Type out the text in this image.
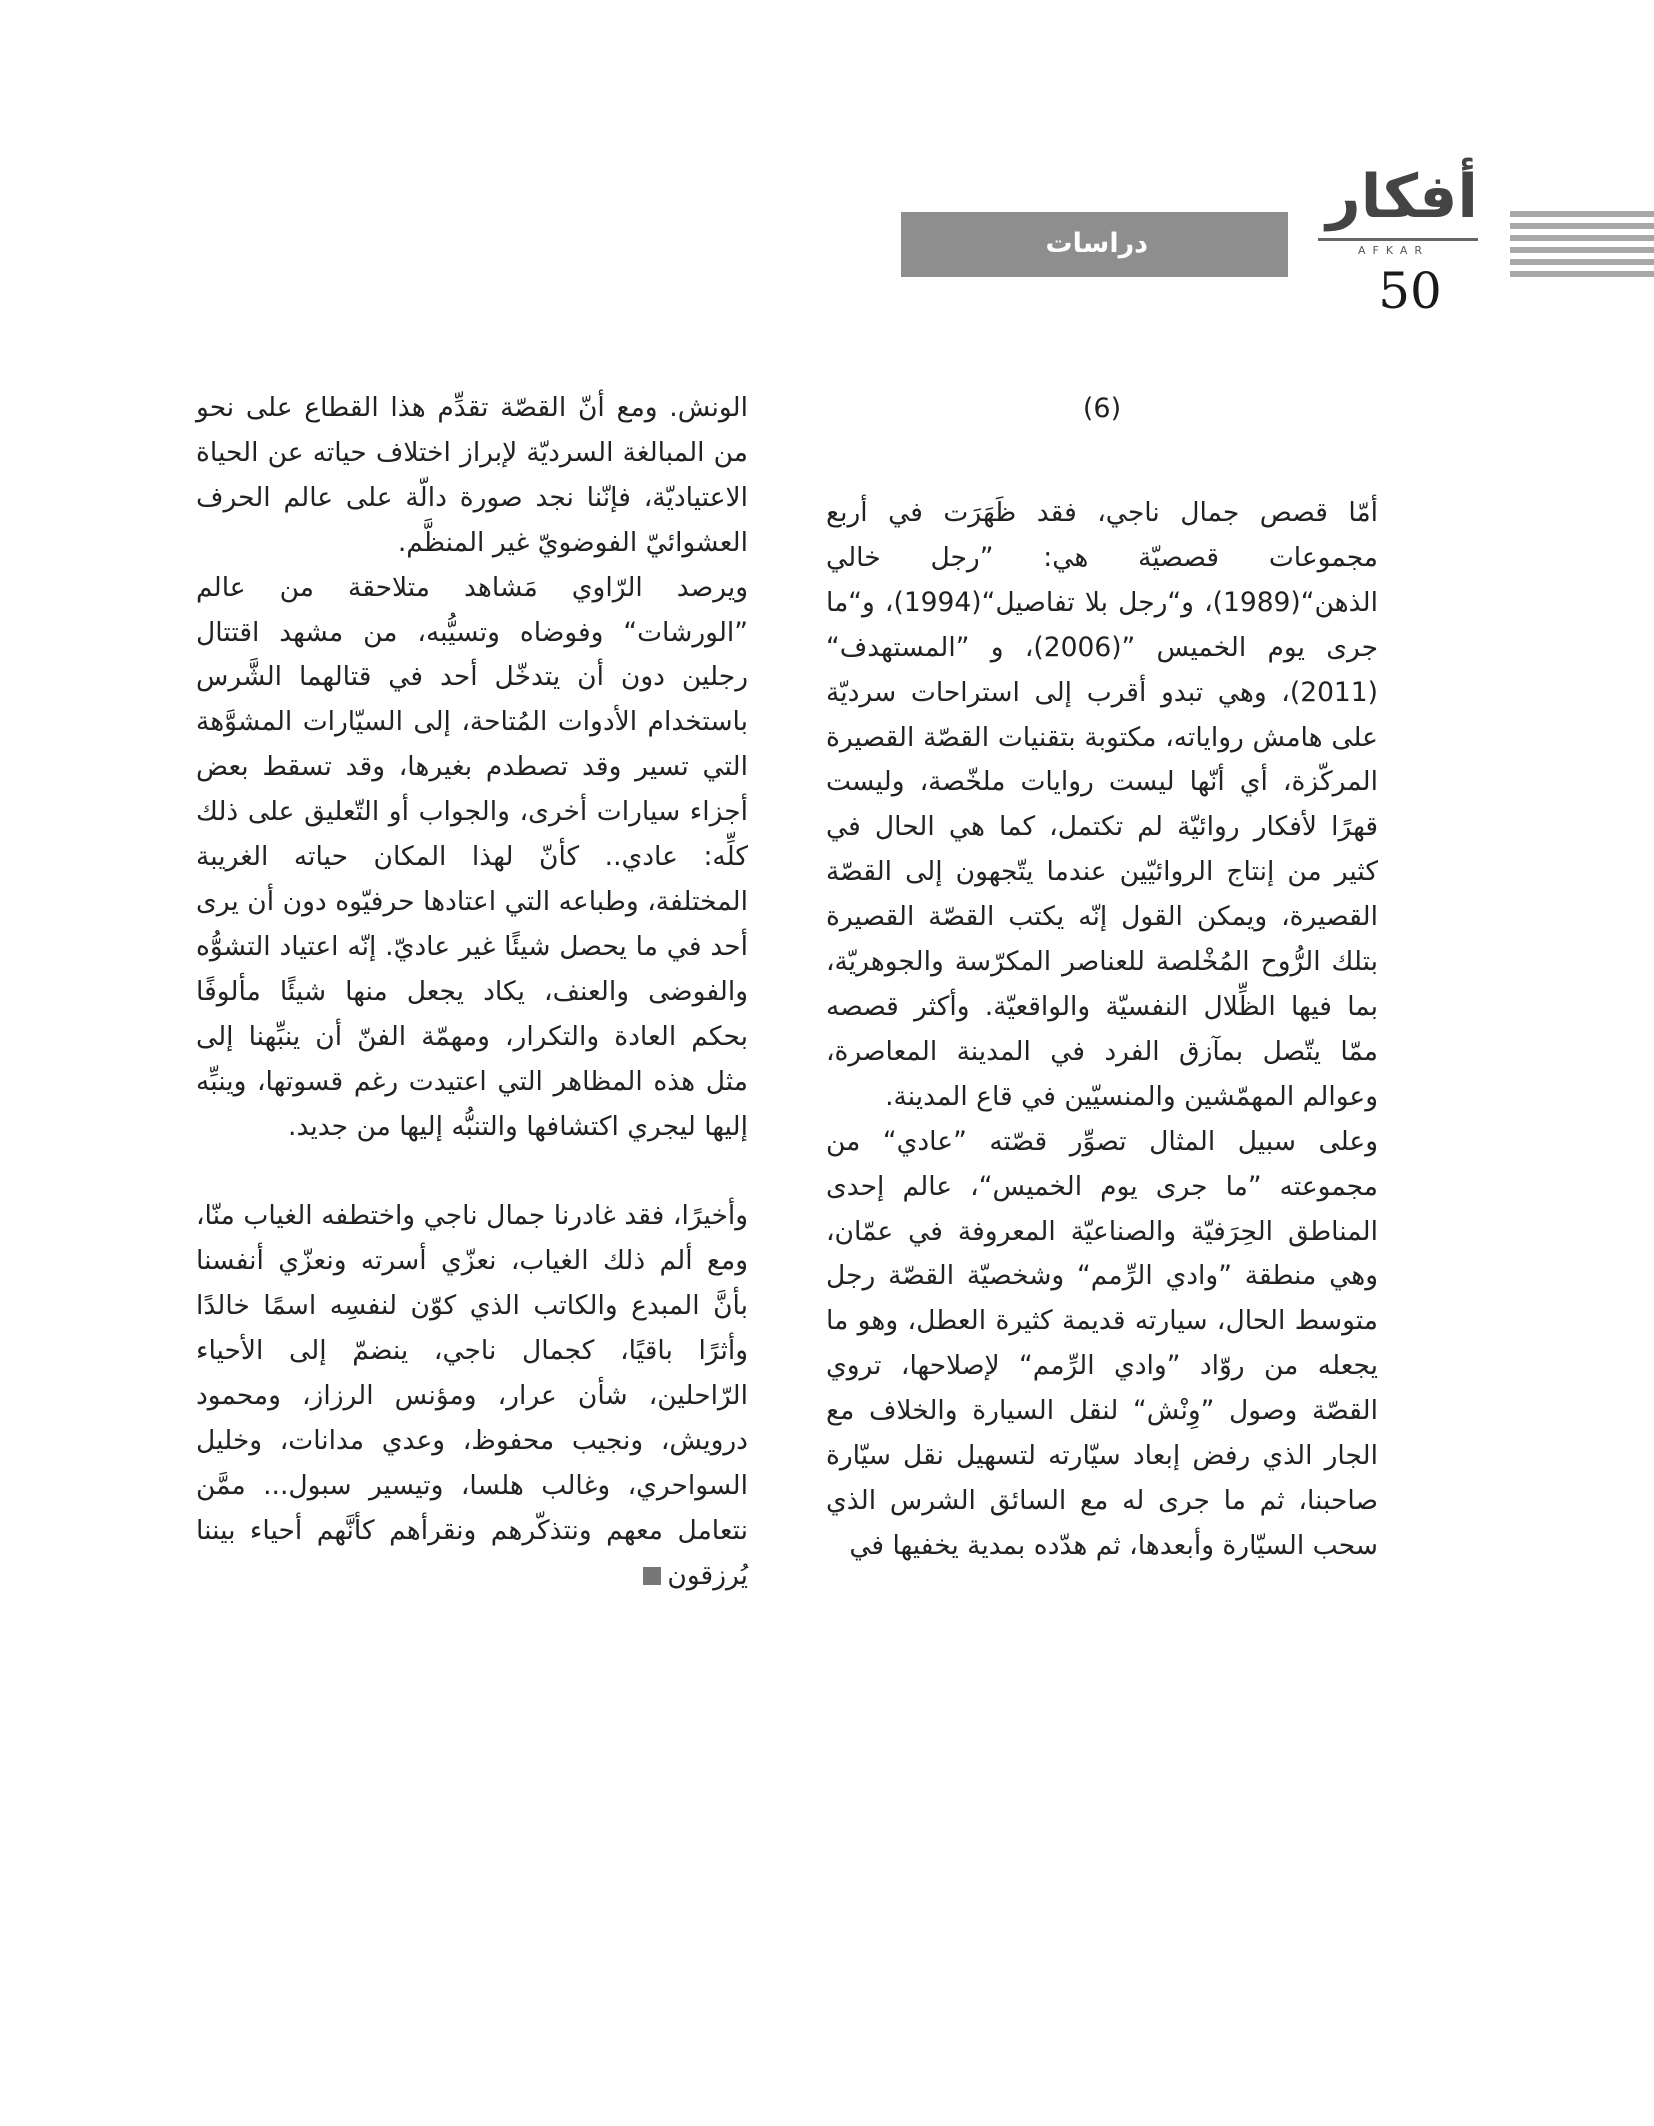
أفكار
AFKAR
50
دراسات
(6)

أمّا قصص جمال ناجي، فقد ظَهَرَت في أربع مجموعات قصصيّة هي: ”رجل خالي الذهن“(1989)، و“رجل بلا تفاصيل“(1994)، و“ما جرى يوم الخميس ”(2006)، و ”المستهدف“ (2011)، وهي تبدو أقرب إلى استراحات سرديّة على هامش رواياته، مكتوبة بتقنيات القصّة القصيرة المركّزة، أي أنّها ليست روايات ملخّصة، وليست قهرًا لأفكار روائيّة لم تكتمل، كما هي الحال في كثير من إنتاج الروائيّين عندما يتّجهون إلى القصّة القصيرة، ويمكن القول إنّه يكتب القصّة القصيرة بتلك الرُّوح المُخْلصة للعناصر المكرّسة والجوهريّة، بما فيها الظِّلال النفسيّة والواقعيّة. وأكثر قصصه ممّا يتّصل بمآزق الفرد في المدينة المعاصرة، وعوالم المهمّشين والمنسيّين في قاع المدينة.

وعلى سبيل المثال تصوِّر قصّته ”عادي“ من مجموعته ”ما جرى يوم الخميس“، عالم إحدى المناطق الحِرَفيّة والصناعيّة المعروفة في عمّان، وهي منطقة ”وادي الرِّمم“ وشخصيّة القصّة رجل متوسط الحال، سيارته قديمة كثيرة العطل، وهو ما يجعله من روّاد ”وادي الرِّمم“ لإصلاحها، تروي القصّة وصول ”وِنْش“ لنقل السيارة والخلاف مع الجار الذي رفض إبعاد سيّارته لتسهيل نقل سيّارة صاحبنا، ثم ما جرى له مع السائق الشرس الذي سحب السيّارة وأبعدها، ثم هدّده بمدية يخفيها في

الونش. ومع أنّ القصّة تقدِّم هذا القطاع على نحو من المبالغة السرديّة لإبراز اختلاف حياته عن الحياة الاعتياديّة، فإنّنا نجد صورة دالّة على عالم الحرف العشوائيّ الفوضويّ غير المنظَّم.

ويرصد الرّاوي مَشاهد متلاحقة من عالم ”الورشات“ وفوضاه وتسيُّبه، من مشهد اقتتال رجلين دون أن يتدخّل أحد في قتالهما الشَّرس باستخدام الأدوات المُتاحة، إلى السيّارات المشوَّهة التي تسير وقد تصطدم بغيرها، وقد تسقط بعض أجزاء سيارات أخرى، والجواب أو التّعليق على ذلك كلِّه: عادي.. كأنّ لهذا المكان حياته الغريبة المختلفة، وطباعه التي اعتادها حرفيّوه دون أن يرى أحد في ما يحصل شيئًا غير عاديّ. إنّه اعتياد التشوُّه والفوضى والعنف، يكاد يجعل منها شيئًا مألوفًا بحكم العادة والتكرار، ومهمّة الفنّ أن ينبِّهنا إلى مثل هذه المظاهر التي اعتيدت رغم قسوتها، وينبِّه إليها ليجري اكتشافها والتنبُّه إليها من جديد.

وأخيرًا، فقد غادرنا جمال ناجي واختطفه الغياب منّا، ومع ألم ذلك الغياب، نعزّي أسرته ونعزّي أنفسنا بأنَّ المبدع والكاتب الذي كوّن لنفسِه اسمًا خالدًا وأثرًا باقيًا، كجمال ناجي، ينضمّ إلى الأحياء الرّاحلين، شأن عرار، ومؤنس الرزاز، ومحمود درويش، ونجيب محفوظ، وعدي مدانات، وخليل السواحري، وغالب هلسا، وتيسير سبول... ممَّن نتعامل معهم ونتذكّرهم ونقرأهم كأنَّهم أحياء بيننا يُرزقون
